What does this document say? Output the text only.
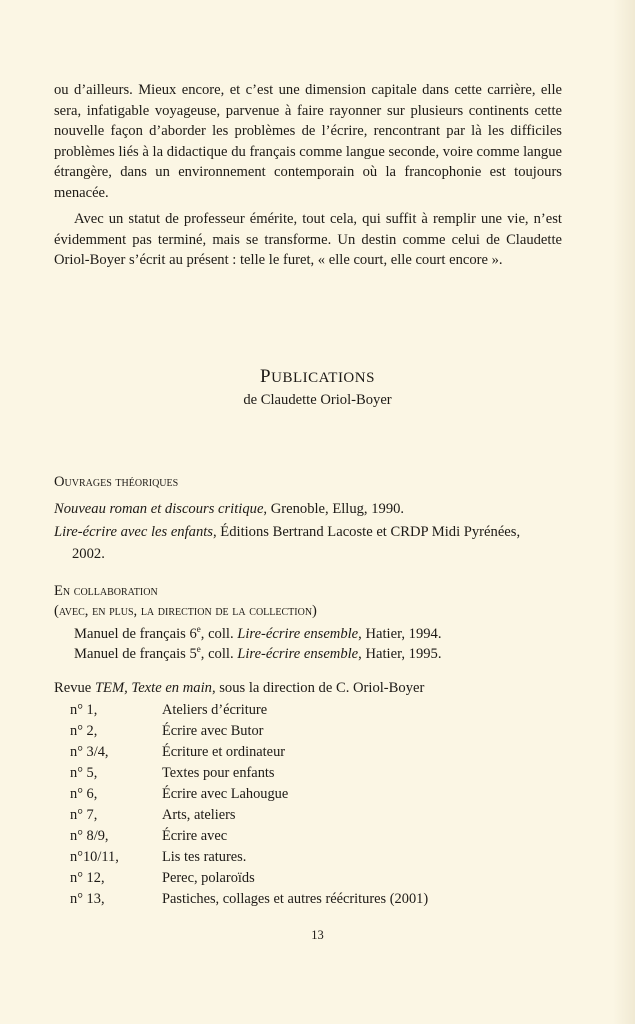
ou d’ailleurs. Mieux encore, et c’est une dimension capitale dans cette carrière, elle sera, infatigable voyageuse, parvenue à faire rayonner sur plusieurs continents cette nouvelle façon d’aborder les problèmes de l’écrire, rencontrant par là les difficiles problèmes liés à la didactique du français comme langue seconde, voire comme langue étrangère, dans un environnement contemporain où la francophonie est toujours menacée.

Avec un statut de professeur émérite, tout cela, qui suffit à remplir une vie, n’est évidemment pas terminé, mais se transforme. Un destin comme celui de Claudette Oriol-Boyer s’écrit au présent : telle le furet, « elle court, elle court encore ».

PUBLICATIONS
de Claudette Oriol-Boyer
Ouvrages théoriques
Nouveau roman et discours critique, Grenoble, Ellug, 1990.
Lire-écrire avec les enfants, Éditions Bertrand Lacoste et CRDP Midi Pyrénées,
2002.
En collaboration
(avec, en plus, la direction de la collection)
Manuel de français 6e, coll. Lire-écrire ensemble, Hatier, 1994.
Manuel de français 5e, coll. Lire-écrire ensemble, Hatier, 1995.
Revue TEM, Texte en main, sous la direction de C. Oriol-Boyer
n° 1,	Ateliers d’écriture
n° 2,	Écrire avec Butor
n° 3/4,	Écriture et ordinateur
n° 5,	Textes pour enfants
n° 6,	Écrire avec Lahougue
n° 7,	Arts, ateliers
n° 8/9,	Écrire avec
n°10/11,	Lis tes ratures.
n° 12,	Perec, polaroïds
n° 13,	Pastiches, collages et autres réécritures (2001)
13
